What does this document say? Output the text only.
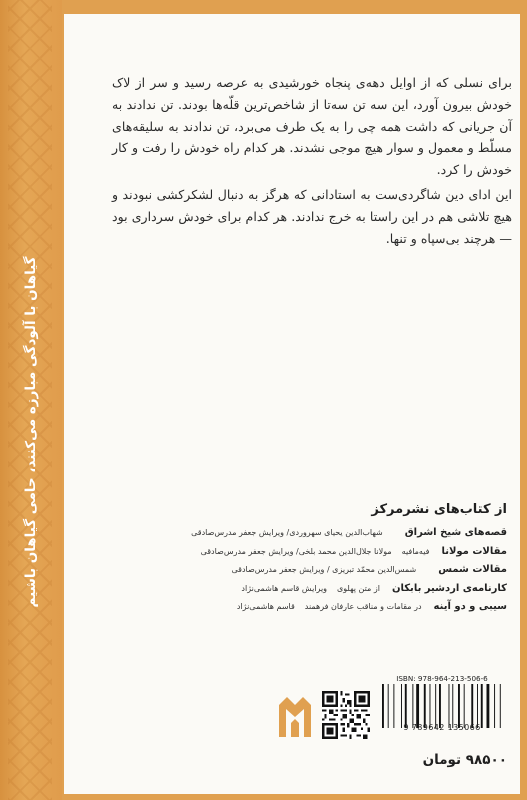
گیاهان با آلودگی مبارزه می‌کنند، حامی گیاهان باشیم

برای نسلی که از اوایل دهه‌ی پنجاه خورشیدی به عرصه رسید و سر از لاک خودش بیرون آورد، این سه تن سه‌تا از شاخص‌ترین قلّه‌ها بودند. تن ندادند به آن جریانی که داشت همه چی را به یک طرف می‌برد، تن ندادند به سلیقه‌های مسلّط و معمول و سوار هیچ موجی نشدند. هر کدام راه خودش را رفت و کار خودش را کرد.

این ادای دین شاگردی‌ست به استادانی که هرگز به دنبال لشکرکشی نبودند و هیچ تلاشی هم در این راستا به خرج ندادند. هر کدام برای خودش سرداری بود — هرچند بی‌سپاه و تنها.

از کتاب‌های نشرمرکز
قصه‌های شیخ اشراق
شهاب‌الدین یحیای سهروردی/ ویرایش جعفر مدرس‌صادقی
مقالات مولانا
فیه‌مافیه
مولانا جلال‌الدین محمد بلخی/ ویرایش جعفر مدرس‌صادقی
مقالات شمس
شمس‌الدین محمّد تبریزی / ویرایش جعفر مدرس‌صادقی
کارنامه‌ی اردشیر بابکان
از متن پهلوی
ویرایش قاسم هاشمی‌نژاد
سیبی و دو آینه
در مقامات و مناقب عارفان فرهمند
قاسم هاشمی‌نژاد
ISBN: 978-964-213-506-6
9 789642 135066
۹۸۵۰۰ تومان
